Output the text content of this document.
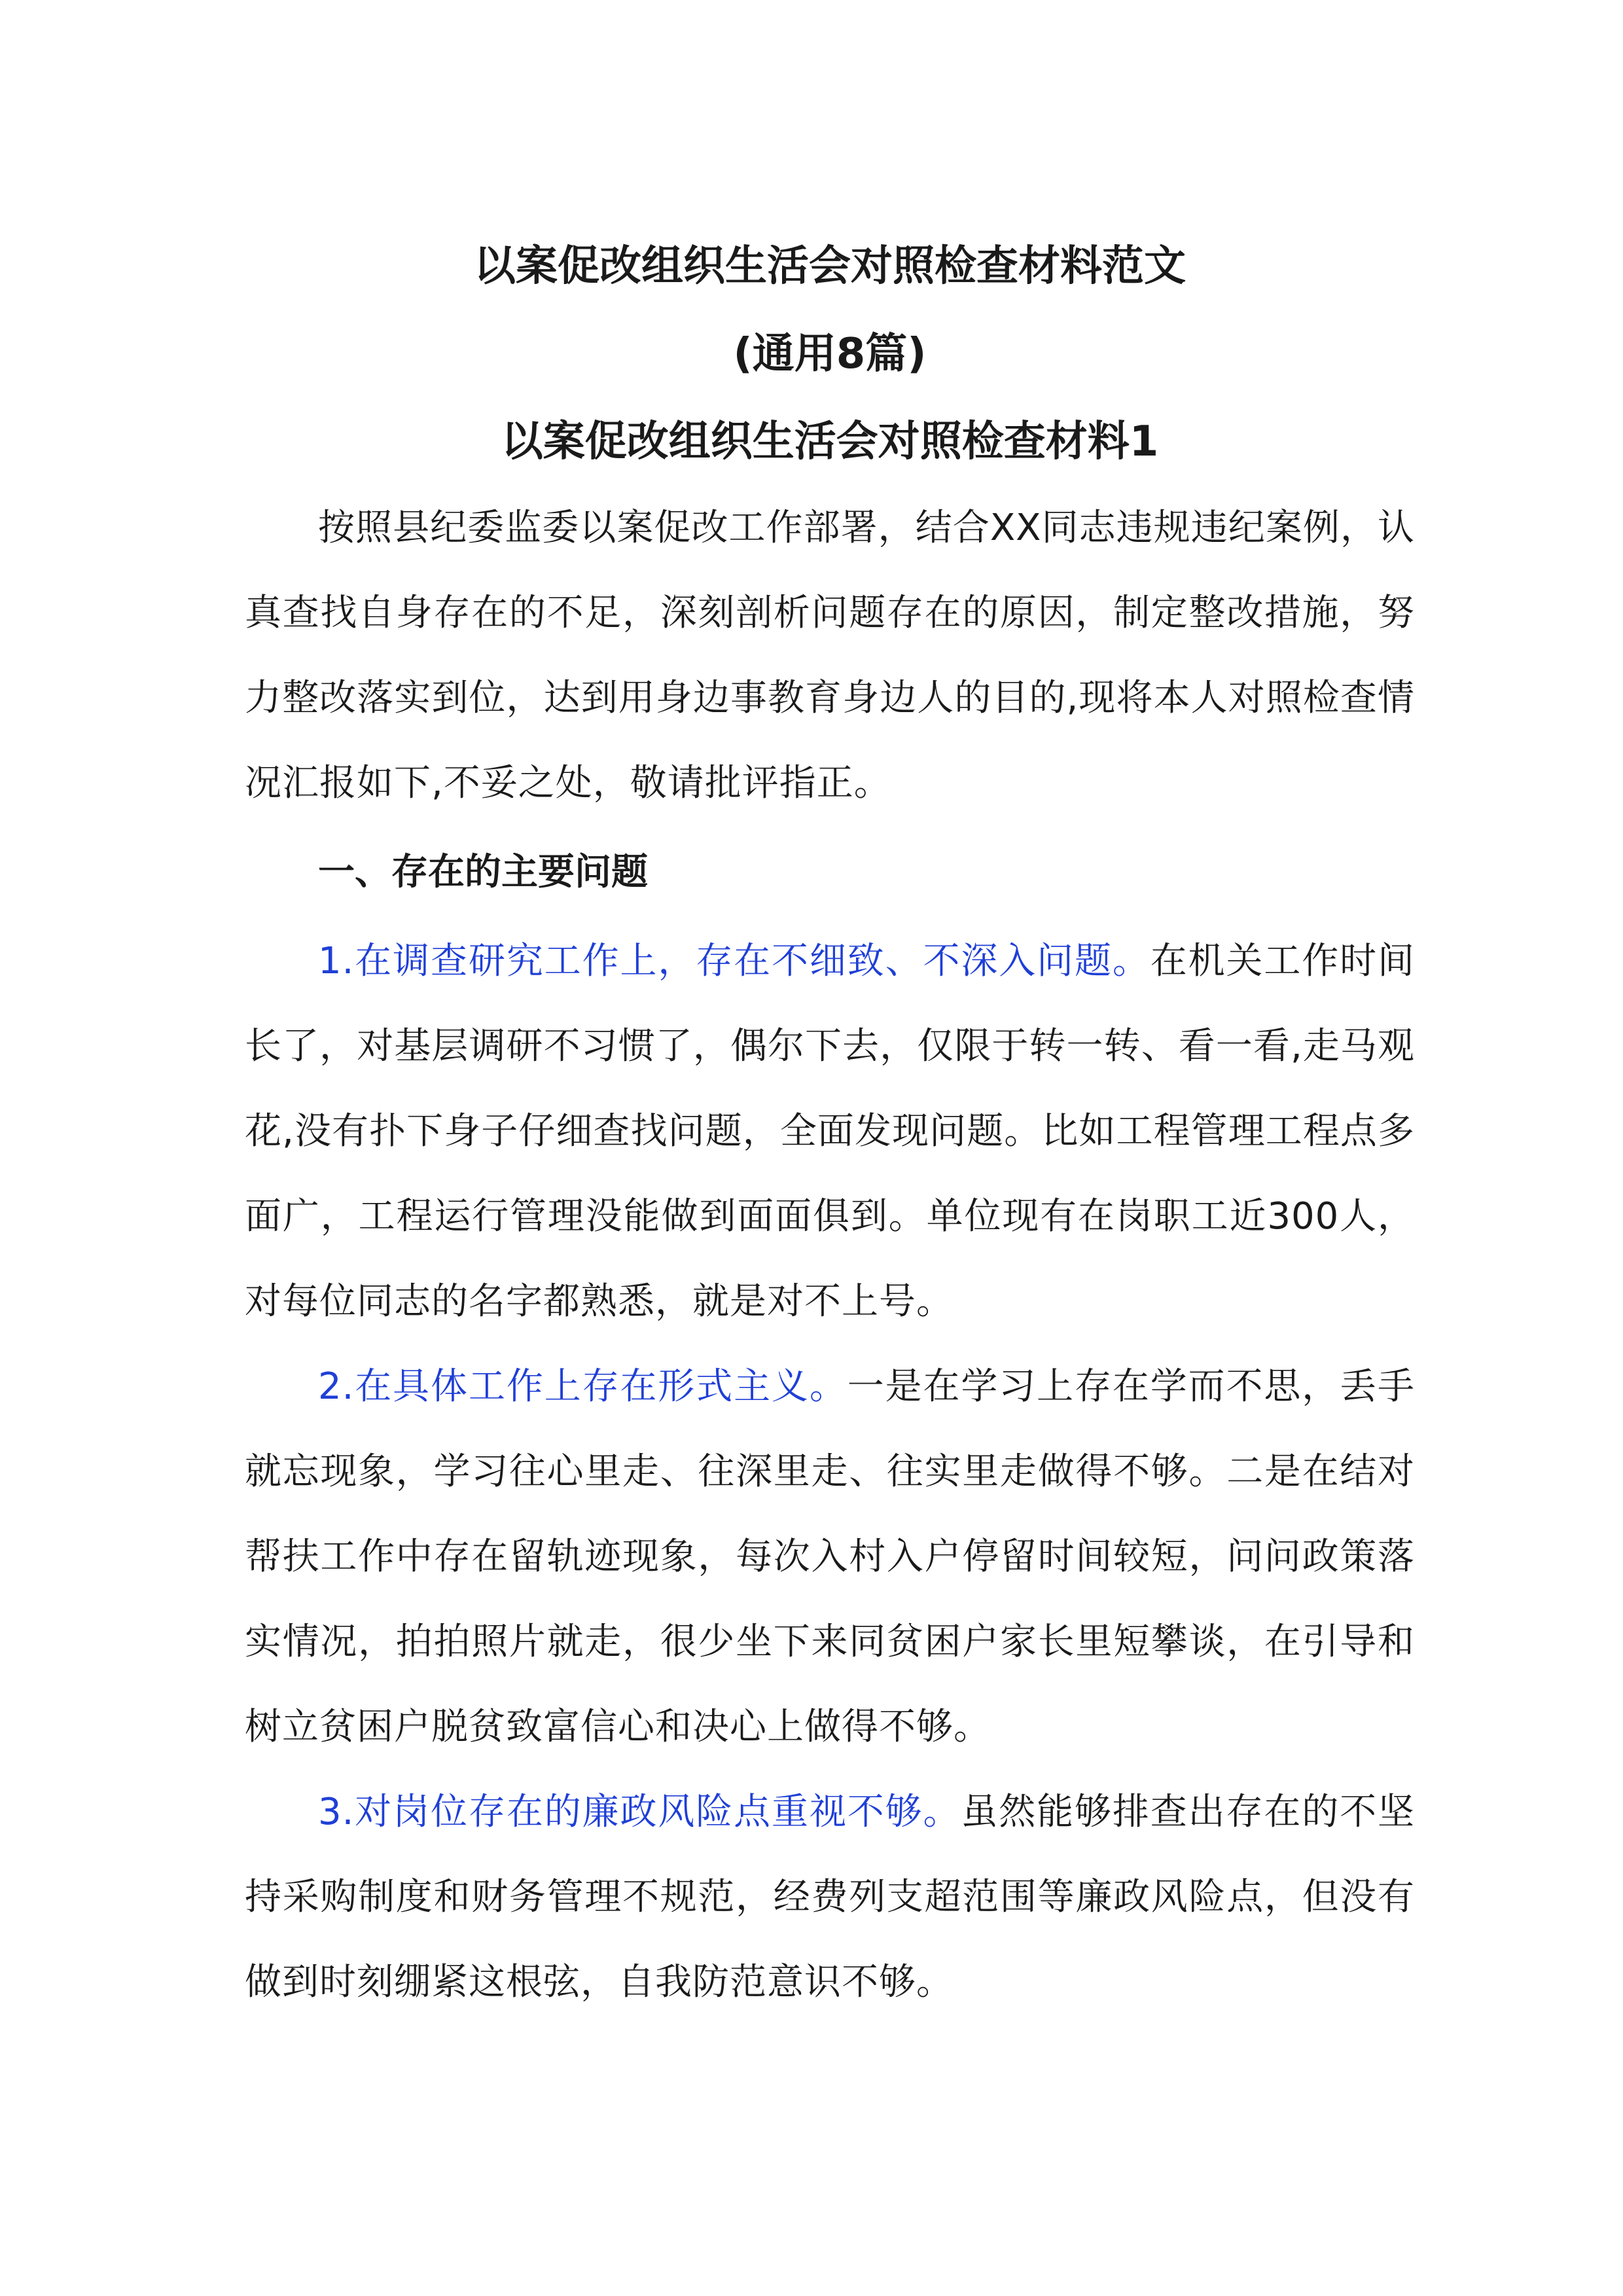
以案促改组织生活会对照检查材料范文
(通用8篇)
以案促改组织生活会对照检查材料1

按照县纪委监委以案促改工作部署，结合XX同志违规违纪案例，认真查找自身存在的不足，深刻剖析问题存在的原因，制定整改措施，努力整改落实到位，达到用身边事教育身边人的目的,现将本人对照检查情况汇报如下,不妥之处，敬请批评指正。

一、存在的主要问题

1.在调查研究工作上，存在不细致、不深入问题。在机关工作时间长了，对基层调研不习惯了，偶尔下去，仅限于转一转、看一看,走马观花,没有扑下身子仔细查找问题，全面发现问题。比如工程管理工程点多面广，工程运行管理没能做到面面俱到。单位现有在岗职工近300人，对每位同志的名字都熟悉，就是对不上号。

2.在具体工作上存在形式主义。一是在学习上存在学而不思，丢手就忘现象，学习往心里走、往深里走、往实里走做得不够。二是在结对帮扶工作中存在留轨迹现象，每次入村入户停留时间较短，问问政策落实情况，拍拍照片就走，很少坐下来同贫困户家长里短攀谈，在引导和树立贫困户脱贫致富信心和决心上做得不够。

3.对岗位存在的廉政风险点重视不够。虽然能够排查出存在的不坚持采购制度和财务管理不规范，经费列支超范围等廉政风险点，但没有做到时刻绷紧这根弦，自我防范意识不够。
